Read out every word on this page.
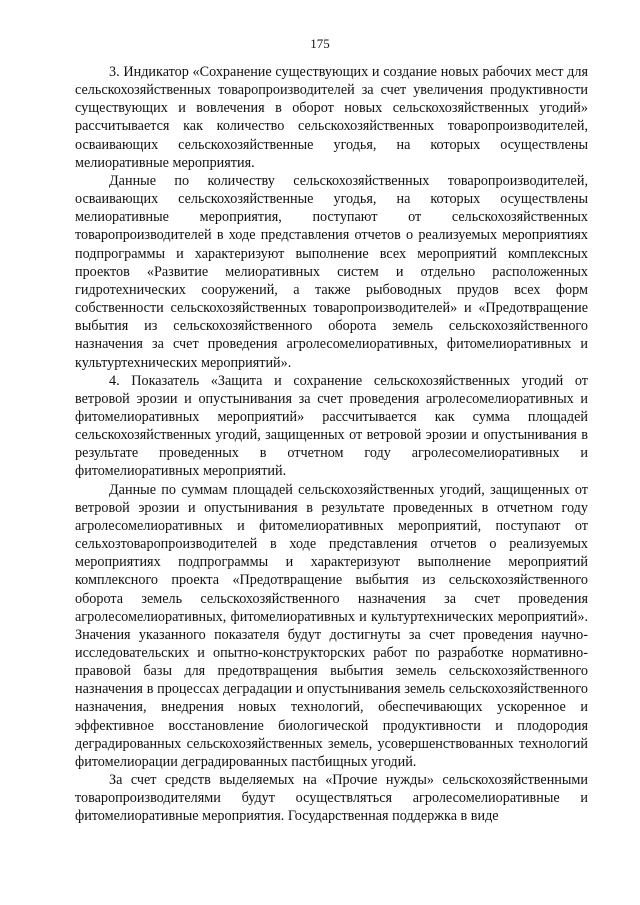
175

3. Индикатор «Сохранение существующих и создание новых рабочих мест для сельскохозяйственных товаропроизводителей за счет увеличения продуктивности существующих и вовлечения в оборот новых сельскохозяйственных угодий» рассчитывается как количество сельскохозяйственных товаропроизводителей, осваивающих сельскохозяйственные угодья, на которых осуществлены мелиоративные мероприятия.

Данные по количеству сельскохозяйственных товаропроизводителей, осваивающих сельскохозяйственные угодья, на которых осуществлены мелиоративные мероприятия, поступают от сельскохозяйственных товаропроизводителей в ходе представления отчетов о реализуемых мероприятиях подпрограммы и характеризуют выполнение всех мероприятий комплексных проектов «Развитие мелиоративных систем и отдельно расположенных гидротехнических сооружений, а также рыбоводных прудов всех форм собственности сельскохозяйственных товаропроизводителей» и «Предотвращение выбытия из сельскохозяйственного оборота земель сельскохозяйственного назначения за счет проведения агролесомелиоративных, фитомелиоративных и культуртехнических мероприятий».

4. Показатель «Защита и сохранение сельскохозяйственных угодий от ветровой эрозии и опустынивания за счет проведения агролесомелиоративных и фитомелиоративных мероприятий» рассчитывается как сумма площадей сельскохозяйственных угодий, защищенных от ветровой эрозии и опустынивания в результате проведенных в отчетном году агролесомелиоративных и фитомелиоративных мероприятий.

Данные по суммам площадей сельскохозяйственных угодий, защищенных от ветровой эрозии и опустынивания в результате проведенных в отчетном году агролесомелиоративных и фитомелиоративных мероприятий, поступают от сельхозтоваропроизводителей в ходе представления отчетов о реализуемых мероприятиях подпрограммы и характеризуют выполнение мероприятий комплексного проекта «Предотвращение выбытия из сельскохозяйственного оборота земель сельскохозяйственного назначения за счет проведения агролесомелиоративных, фитомелиоративных и культуртехнических мероприятий». Значения указанного показателя будут достигнуты за счет проведения научно-исследовательских и опытно-конструкторских работ по разработке нормативно-правовой базы для предотвращения выбытия земель сельскохозяйственного назначения в процессах деградации и опустынивания земель сельскохозяйственного назначения, внедрения новых технологий, обеспечивающих ускоренное и эффективное восстановление биологической продуктивности и плодородия деградированных сельскохозяйственных земель, усовершенствованных технологий фитомелиорации деградированных пастбищных угодий.

За счет средств выделяемых на «Прочие нужды» сельскохозяйственными товаропроизводителями будут осуществляться агролесомелиоративные и фитомелиоративные мероприятия. Государственная поддержка в виде
